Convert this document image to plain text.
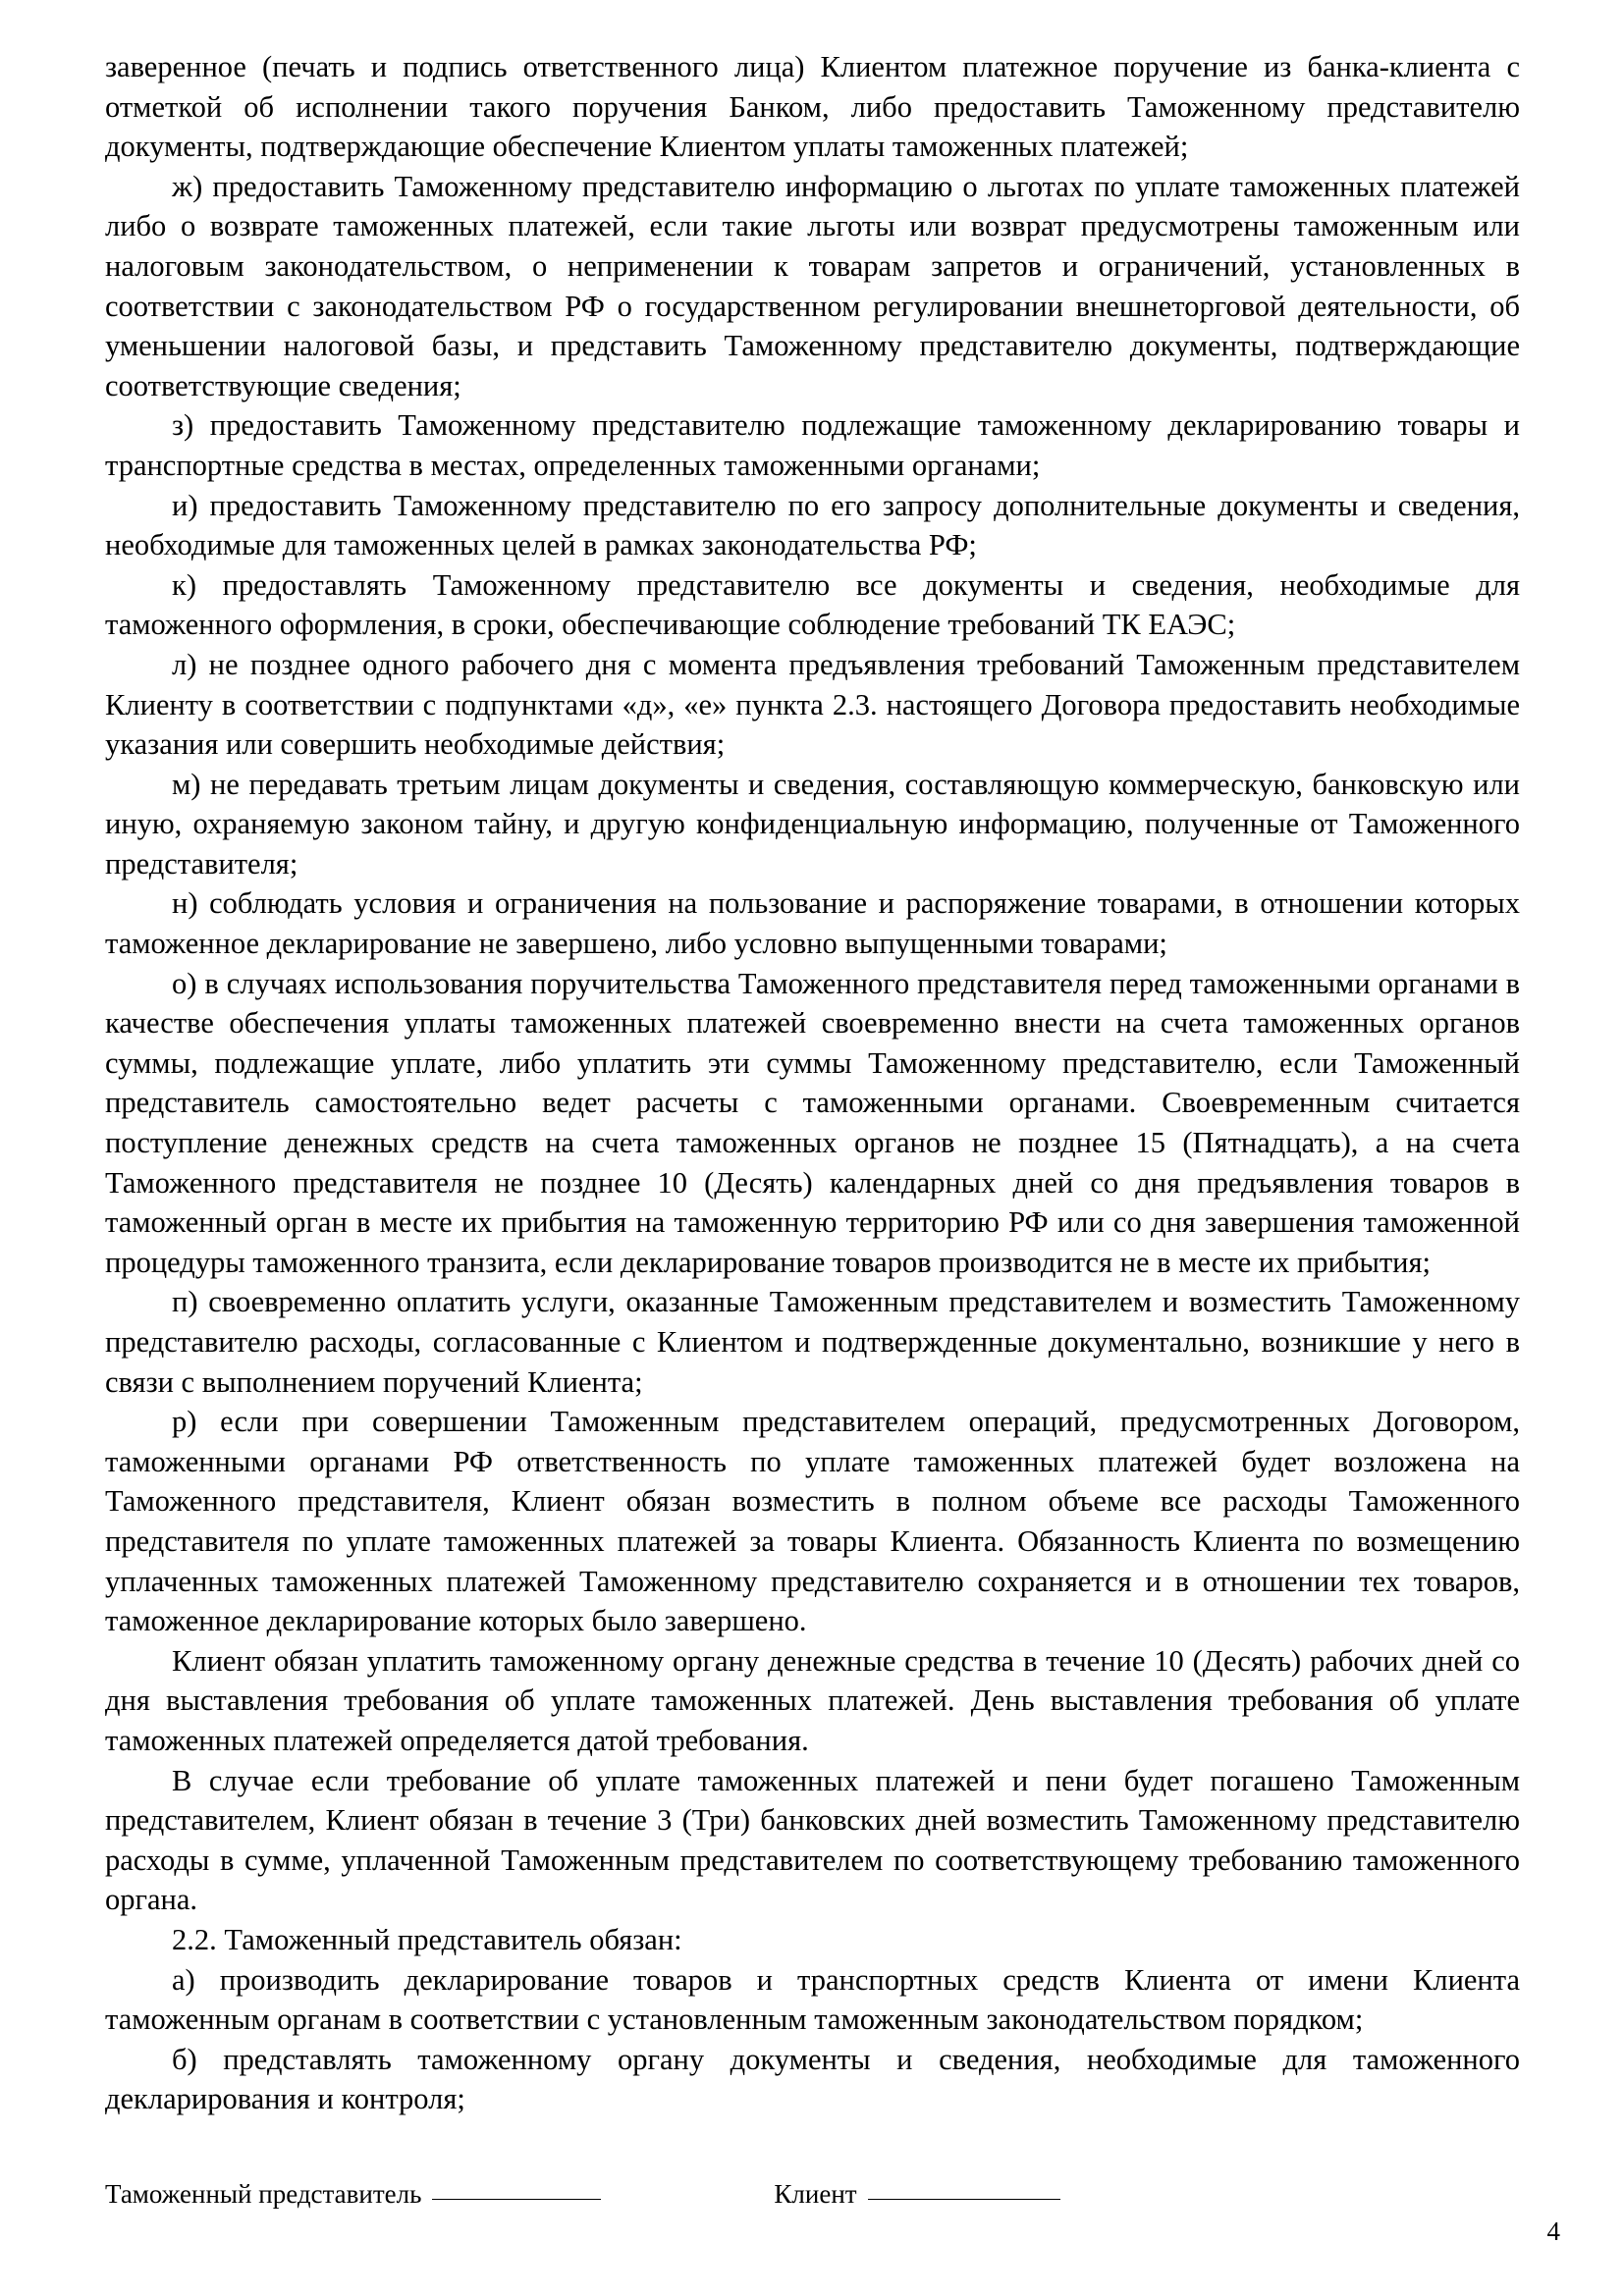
заверенное (печать и подпись ответственного лица) Клиентом платежное поручение из банка-клиента с отметкой об исполнении такого поручения Банком, либо предоставить Таможенному представителю документы, подтверждающие обеспечение Клиентом уплаты таможенных платежей;

ж) предоставить Таможенному представителю информацию о льготах по уплате таможенных платежей либо о возврате таможенных платежей, если такие льготы или возврат предусмотрены таможенным или налоговым законодательством, о неприменении к товарам запретов и ограничений, установленных в соответствии с законодательством РФ о государственном регулировании внешнеторговой деятельности, об уменьшении налоговой базы, и представить Таможенному представителю документы, подтверждающие соответствующие сведения;

з) предоставить Таможенному представителю подлежащие таможенному декларированию товары и транспортные средства в местах, определенных таможенными органами;

и) предоставить Таможенному представителю по его запросу дополнительные документы и сведения, необходимые для таможенных целей в рамках законодательства РФ;

к) предоставлять Таможенному представителю все документы и сведения, необходимые для таможенного оформления, в сроки, обеспечивающие соблюдение требований ТК ЕАЭС;

л) не позднее одного рабочего дня с момента предъявления требований Таможенным представителем Клиенту в соответствии с подпунктами «д», «е» пункта 2.3. настоящего Договора предоставить необходимые указания или совершить необходимые действия;

м) не передавать третьим лицам документы и сведения, составляющую коммерческую, банковскую или иную, охраняемую законом тайну, и другую конфиденциальную информацию, полученные от Таможенного представителя;

н) соблюдать условия и ограничения на пользование и распоряжение товарами, в отношении которых таможенное декларирование не завершено, либо условно выпущенными товарами;

о) в случаях использования поручительства Таможенного представителя перед таможенными органами в качестве обеспечения уплаты таможенных платежей своевременно внести на счета таможенных органов суммы, подлежащие уплате, либо уплатить эти суммы Таможенному представителю, если Таможенный представитель самостоятельно ведет расчеты с таможенными органами. Своевременным считается поступление денежных средств на счета таможенных органов не позднее 15 (Пятнадцать), а на счета Таможенного представителя не позднее 10 (Десять) календарных дней со дня предъявления товаров в таможенный орган в месте их прибытия на таможенную территорию РФ или со дня завершения таможенной процедуры таможенного транзита, если декларирование товаров производится не в месте их прибытия;

п) своевременно оплатить услуги, оказанные Таможенным представителем и возместить Таможенному представителю расходы, согласованные с Клиентом и подтвержденные документально, возникшие у него в связи с выполнением поручений Клиента;

р) если при совершении Таможенным представителем операций, предусмотренных Договором, таможенными органами РФ ответственность по уплате таможенных платежей будет возложена на Таможенного представителя, Клиент обязан возместить в полном объеме все расходы Таможенного представителя по уплате таможенных платежей за товары Клиента. Обязанность Клиента по возмещению уплаченных таможенных платежей Таможенному представителю сохраняется и в отношении тех товаров, таможенное декларирование которых было завершено.

Клиент обязан уплатить таможенному органу денежные средства в течение 10 (Десять) рабочих дней со дня выставления требования об уплате таможенных платежей. День выставления требования об уплате таможенных платежей определяется датой требования.

В случае если требование об уплате таможенных платежей и пени будет погашено Таможенным представителем, Клиент обязан в течение 3 (Три) банковских дней возместить Таможенному представителю расходы в сумме, уплаченной Таможенным представителем по соответствующему требованию таможенного органа.

2.2. Таможенный представитель обязан:

а) производить декларирование товаров и транспортных средств Клиента от имени Клиента таможенным органам в соответствии с установленным таможенным законодательством порядком;

б) представлять таможенному органу документы и сведения, необходимые для таможенного декларирования и контроля;

Таможенный представитель	Клиент
4
